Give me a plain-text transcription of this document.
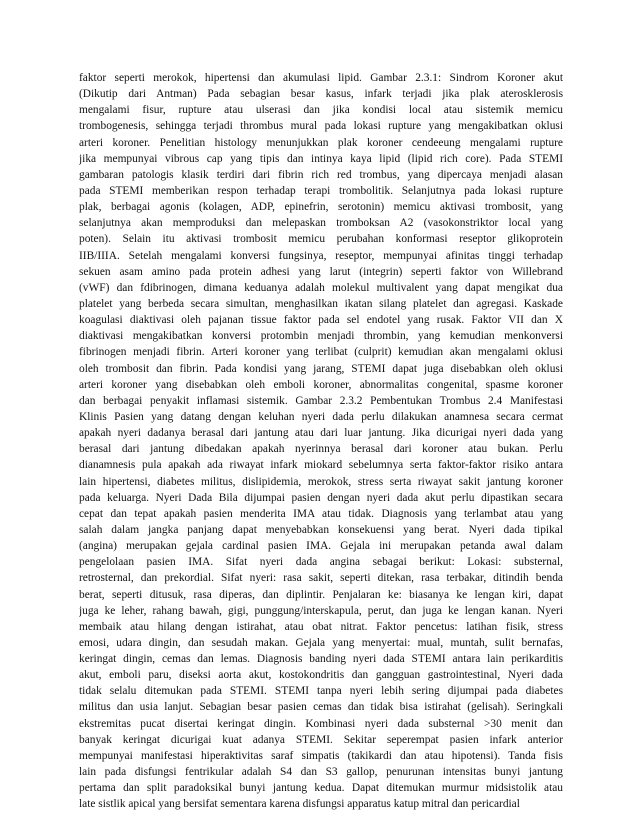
faktor seperti merokok, hipertensi dan akumulasi lipid. Gambar 2.3.1: Sindrom Koroner akut
(Dikutip dari Antman) Pada sebagian besar kasus, infark terjadi jika plak aterosklerosis
mengalami fisur, rupture atau ulserasi dan jika kondisi local atau sistemik memicu
trombogenesis, sehingga terjadi thrombus mural pada lokasi rupture yang mengakibatkan oklusi
arteri koroner. Penelitian histology menunjukkan plak koroner cendeeung mengalami rupture
jika mempunyai vibrous cap yang tipis dan intinya kaya lipid (lipid rich core). Pada STEMI
gambaran patologis klasik terdiri dari fibrin rich red trombus, yang dipercaya menjadi alasan
pada STEMI memberikan respon terhadap terapi trombolitik. Selanjutnya pada lokasi rupture
plak, berbagai agonis (kolagen, ADP, epinefrin, serotonin) memicu aktivasi trombosit, yang
selanjutnya akan memproduksi dan melepaskan tromboksan A2 (vasokonstriktor local yang
poten). Selain itu aktivasi trombosit memicu perubahan konformasi reseptor glikoprotein
IIB/IIIA. Setelah mengalami konversi fungsinya, reseptor, mempunyai afinitas tinggi terhadap
sekuen asam amino pada protein adhesi yang larut (integrin) seperti faktor von Willebrand
(vWF) dan fdibrinogen, dimana keduanya adalah molekul multivalent yang dapat mengikat dua
platelet yang berbeda secara simultan, menghasilkan ikatan silang platelet dan agregasi. Kaskade
koagulasi diaktivasi oleh pajanan tissue faktor pada sel endotel yang rusak. Faktor VII dan X
diaktivasi mengakibatkan konversi protombin menjadi thrombin, yang kemudian menkonversi
fibrinogen menjadi fibrin. Arteri koroner yang terlibat (culprit) kemudian akan mengalami oklusi
oleh trombosit dan fibrin. Pada kondisi yang jarang, STEMI dapat juga disebabkan oleh oklusi
arteri koroner yang disebabkan oleh emboli koroner, abnormalitas congenital, spasme koroner
dan berbagai penyakit inflamasi sistemik. Gambar 2.3.2 Pembentukan Trombus 2.4 Manifestasi
Klinis Pasien yang datang dengan keluhan nyeri dada perlu dilakukan anamnesa secara cermat
apakah nyeri dadanya berasal dari jantung atau dari luar jantung. Jika dicurigai nyeri dada yang
berasal dari jantung dibedakan apakah nyerinnya berasal dari koroner atau bukan. Perlu
dianamnesis pula apakah ada riwayat infark miokard sebelumnya serta faktor-faktor risiko antara
lain hipertensi, diabetes militus, dislipidemia, merokok, stress serta riwayat sakit jantung koroner
pada keluarga. Nyeri Dada Bila dijumpai pasien dengan nyeri dada akut perlu dipastikan secara
cepat dan tepat apakah pasien menderita IMA atau tidak. Diagnosis yang terlambat atau yang
salah dalam jangka panjang dapat menyebabkan konsekuensi yang berat. Nyeri dada tipikal
(angina) merupakan gejala cardinal pasien IMA. Gejala ini merupakan petanda awal dalam
pengelolaan pasien IMA. Sifat nyeri dada angina sebagai berikut: Lokasi: substernal,
retrosternal, dan prekordial. Sifat nyeri: rasa sakit, seperti ditekan, rasa terbakar, ditindih benda
berat, seperti ditusuk, rasa diperas, dan diplintir. Penjalaran ke: biasanya ke lengan kiri, dapat
juga ke leher, rahang bawah, gigi, punggung/interskapula, perut, dan juga ke lengan kanan. Nyeri
membaik atau hilang dengan istirahat, atau obat nitrat. Faktor pencetus: latihan fisik, stress
emosi, udara dingin, dan sesudah makan. Gejala yang menyertai: mual, muntah, sulit bernafas,
keringat dingin, cemas dan lemas. Diagnosis banding nyeri dada STEMI antara lain perikarditis
akut, emboli paru, diseksi aorta akut, kostokondritis dan gangguan gastrointestinal, Nyeri dada
tidak selalu ditemukan pada STEMI. STEMI tanpa nyeri lebih sering dijumpai pada diabetes
militus dan usia lanjut. Sebagian besar pasien cemas dan tidak bisa istirahat (gelisah). Seringkali
ekstremitas pucat disertai keringat dingin. Kombinasi nyeri dada substernal >30 menit dan
banyak keringat dicurigai kuat adanya STEMI. Sekitar seperempat pasien infark anterior
mempunyai manifestasi hiperaktivitas saraf simpatis (takikardi dan atau hipotensi). Tanda fisis
lain pada disfungsi fentrikular adalah S4 dan S3 gallop, penurunan intensitas bunyi jantung
pertama dan split paradoksikal bunyi jantung kedua. Dapat ditemukan murmur midsistolik atau
late sistlik apical yang bersifat sementara karena disfungsi apparatus katup mitral dan pericardial
